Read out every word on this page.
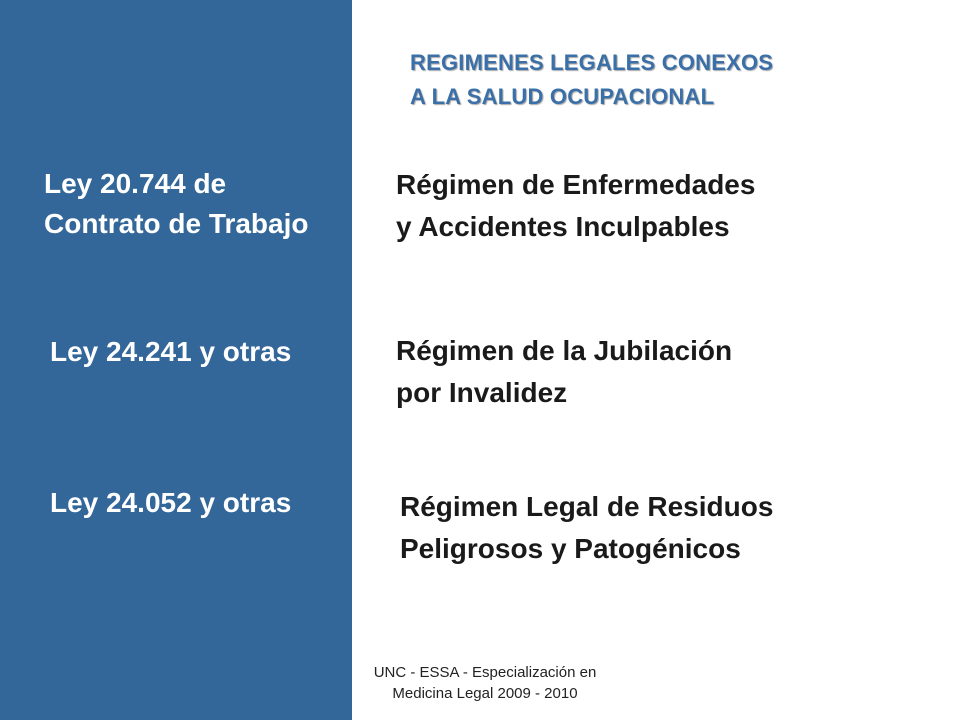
REGIMENES LEGALES CONEXOS
A LA SALUD OCUPACIONAL
Ley 20.744 de
Contrato de Trabajo
Régimen de Enfermedades
y Accidentes Inculpables
Ley 24.241 y otras	Régimen de la Jubilación
por Invalidez
Ley 24.052 y otras	Régimen Legal de Residuos
Peligrosos y Patogénicos
UNC - ESSA - Especialización en
Medicina Legal 2009 - 2010
